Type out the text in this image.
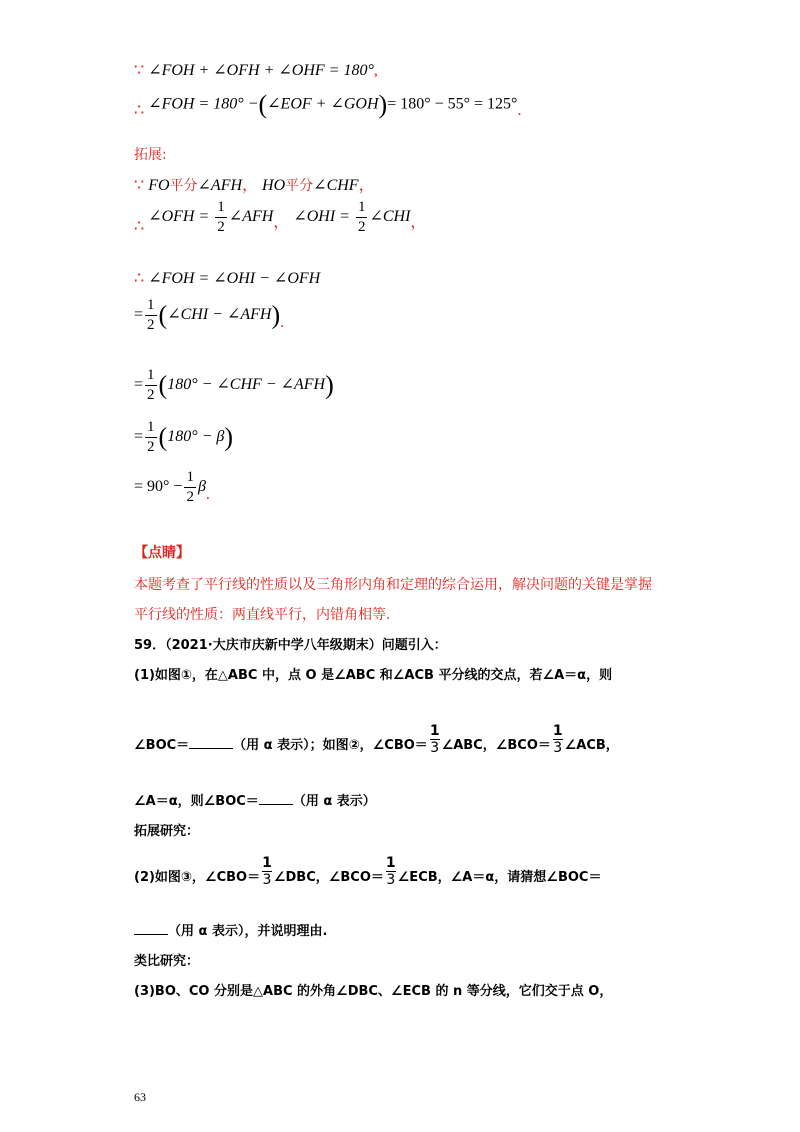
∵ ∠FOH + ∠OFH + ∠OHF = 180°,
∴ ∠FOH = 180° −(∠EOF + ∠GOH)= 180° − 55° = 125°.
拓展:
∵ FO平分∠AFH， HO平分∠CHF，
∴ ∠OFH = $\frac{1}{2}$ ∠AFH， ∠OHI = $\frac{1}{2}$ ∠CHI，
∴ ∠FOH = ∠OHI − ∠OFH
= $\frac{1}{2}$ (∠CHI − ∠AFH).
= $\frac{1}{2} (180^\circ$ − ∠CHF − ∠AFH)
= $\frac{1}{2} (180^\circ - \beta)$
= $90^\circ - \frac{1}{2} \beta$.
【点睛】
本题考查了平行线的性质以及三角形内角和定理的综合运用，解决问题的关键是掌握
平行线的性质：两直线平行，内错角相等.
59．（2021·大庆市庆新中学八年级期末）问题引入：
(1)如图①，在△ABC 中，点 O 是∠ABC 和∠ACB 平分线的交点，若∠A＝α，则
∠BOC＝	（用 α 表示）；如图②，∠CBO＝ $\frac{1}{3}$ ∠ABC，∠BCO＝ $\frac{1}{3}$ ∠ACB，
∠A＝α，则∠BOC＝	（用 α 表示）
拓展研究：
(2)如图③，∠CBO＝ $\frac{1}{3}$ ∠DBC，∠BCO＝ $\frac{1}{3}$ ∠ECB，∠A＝α，请猜想∠BOC＝
（用 α 表示），并说明理由.
类比研究：
(3)BO、CO 分别是△ABC 的外角∠DBC、∠ECB 的 n 等分线，它们交于点 O，
63
